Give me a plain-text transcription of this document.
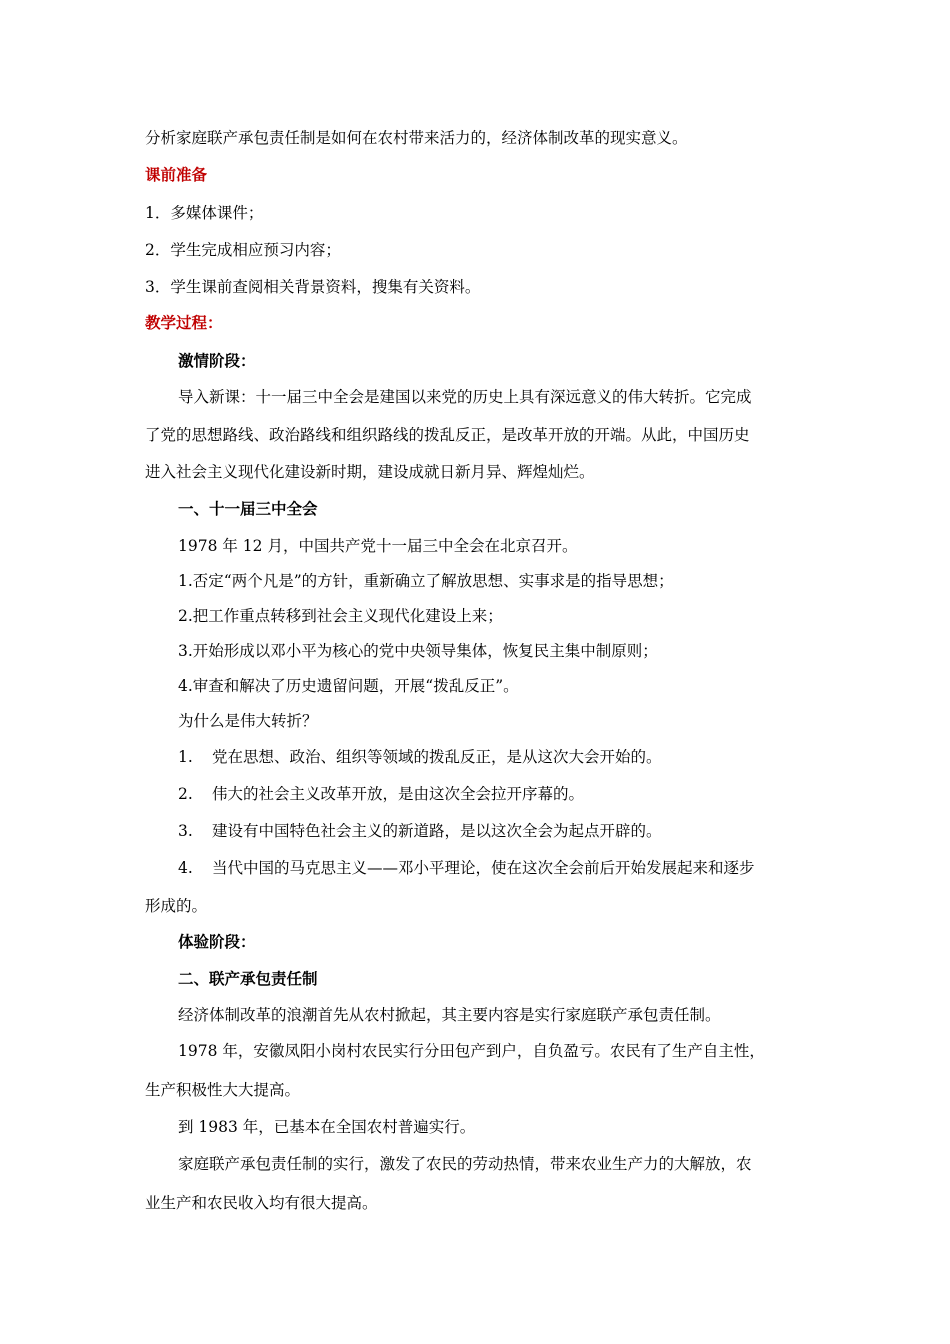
分析家庭联产承包责任制是如何在农村带来活力的，经济体制改革的现实意义。
课前准备
1．多媒体课件；
2．学生完成相应预习内容；
3．学生课前查阅相关背景资料，搜集有关资料。
教学过程：
激情阶段：
导入新课：十一届三中全会是建国以来党的历史上具有深远意义的伟大转折。它完成
了党的思想路线、政治路线和组织路线的拨乱反正，是改革开放的开端。从此，中国历史
进入社会主义现代化建设新时期，建设成就日新月异、辉煌灿烂。
一、十一届三中全会
1978 年 12 月，中国共产党十一届三中全会在北京召开。
1.否定“两个凡是”的方针，重新确立了解放思想、实事求是的指导思想；
2.把工作重点转移到社会主义现代化建设上来；
3.开始形成以邓小平为核心的党中央领导集体，恢复民主集中制原则；
4.审查和解决了历史遗留问题，开展“拨乱反正”。
为什么是伟大转折？
1. 党在思想、政治、组织等领域的拨乱反正，是从这次大会开始的。
2. 伟大的社会主义改革开放，是由这次全会拉开序幕的。
3. 建设有中国特色社会主义的新道路，是以这次全会为起点开辟的。
4. 当代中国的马克思主义——邓小平理论，使在这次全会前后开始发展起来和逐步
形成的。
体验阶段：
二、联产承包责任制
经济体制改革的浪潮首先从农村掀起，其主要内容是实行家庭联产承包责任制。
1978 年，安徽凤阳小岗村农民实行分田包产到户，自负盈亏。农民有了生产自主性，
生产积极性大大提高。
到 1983 年，已基本在全国农村普遍实行。
家庭联产承包责任制的实行，激发了农民的劳动热情，带来农业生产力的大解放，农
业生产和农民收入均有很大提高。
